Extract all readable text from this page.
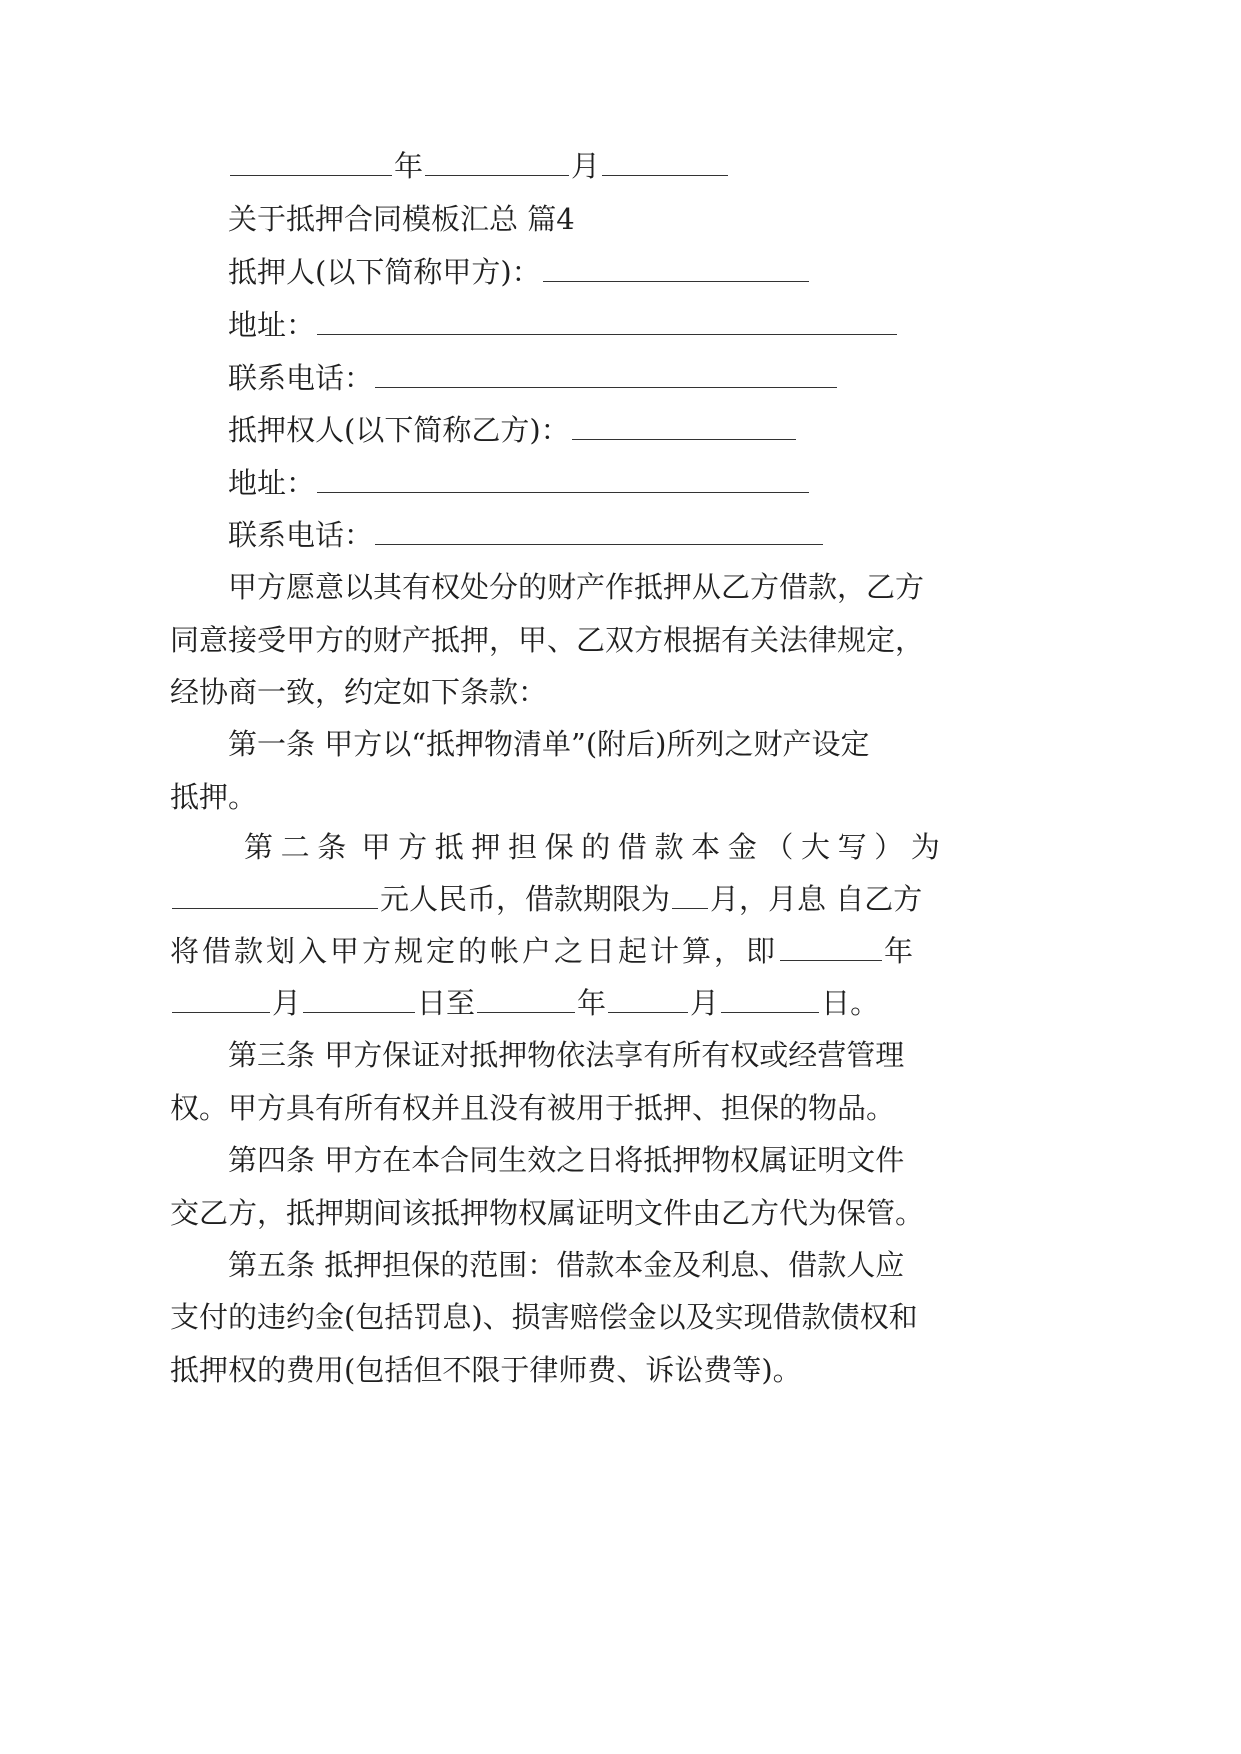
年	月
关于抵押合同模板汇总 篇4
抵押人(以下简称甲方)：
地址：
联系电话：
抵押权人(以下简称乙方)：
地址：
联系电话：
甲方愿意以其有权处分的财产作抵押从乙方借款，乙方
同意接受甲方的财产抵押，甲、乙双方根据有关法律规定，
经协商一致，约定如下条款：
第一条 甲方以“抵押物清单”(附后)所列之财产设定
抵押。
第 二 条 甲 方 抵 押 担 保 的 借 款 本 金 （ 大 写 ） 为
元人民币，借款期限为 月，月息 自乙方
将借款划入甲方规定的帐户之日起计算，即	年
月	日至	年	月	日。
第三条 甲方保证对抵押物依法享有所有权或经营管理
权。甲方具有所有权并且没有被用于抵押、担保的物品。
第四条 甲方在本合同生效之日将抵押物权属证明文件
交乙方，抵押期间该抵押物权属证明文件由乙方代为保管。
第五条 抵押担保的范围：借款本金及利息、借款人应
支付的违约金(包括罚息)、损害赔偿金以及实现借款债权和
抵押权的费用(包括但不限于律师费、诉讼费等)。
